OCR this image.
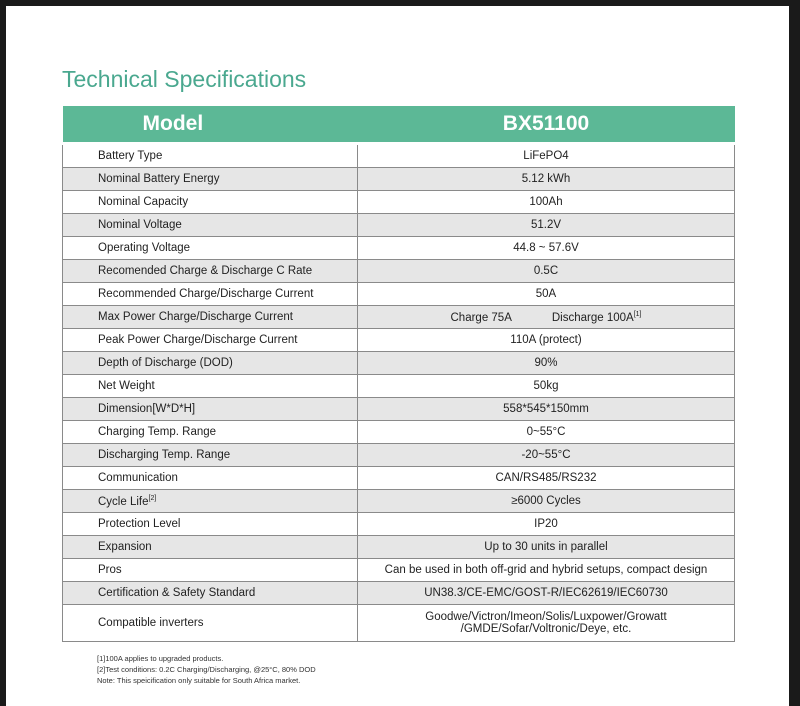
Technical Specifications
Model	BX51100
Battery Type	LiFePO4
Nominal Battery Energy	5.12 kWh
Nominal Capacity	100Ah
Nominal Voltage	51.2V
Operating Voltage	44.8 ~ 57.6V
Recomended Charge & Discharge C Rate	0.5C
Recommended Charge/Discharge Current	50A
Max Power Charge/Discharge Current	Charge 75A Discharge 100A[1]
Peak Power Charge/Discharge Current	110A (protect)
Depth of Discharge (DOD)	90%
Net Weight	50kg
Dimension[W*D*H]	558*545*150mm
Charging Temp. Range	0~55°C
Discharging Temp. Range	-20~55°C
Communication	CAN/RS485/RS232
Cycle Life[2]	≥6000 Cycles
Protection Level	IP20
Expansion	Up to 30 units in parallel
Pros	Can be used in both off-grid and hybrid setups, compact design
Certification & Safety Standard	UN38.3/CE-EMC/GOST-R/IEC62619/IEC60730
Compatible inverters	Goodwe/Victron/Imeon/Solis/Luxpower/Growatt
/GMDE/Sofar/Voltronic/Deye, etc.
[1]100A applies to upgraded products.
[2]Test conditions: 0.2C Charging/Discharging, @25°C, 80% DOD
Note: This speicification only suitable for South Africa market.
